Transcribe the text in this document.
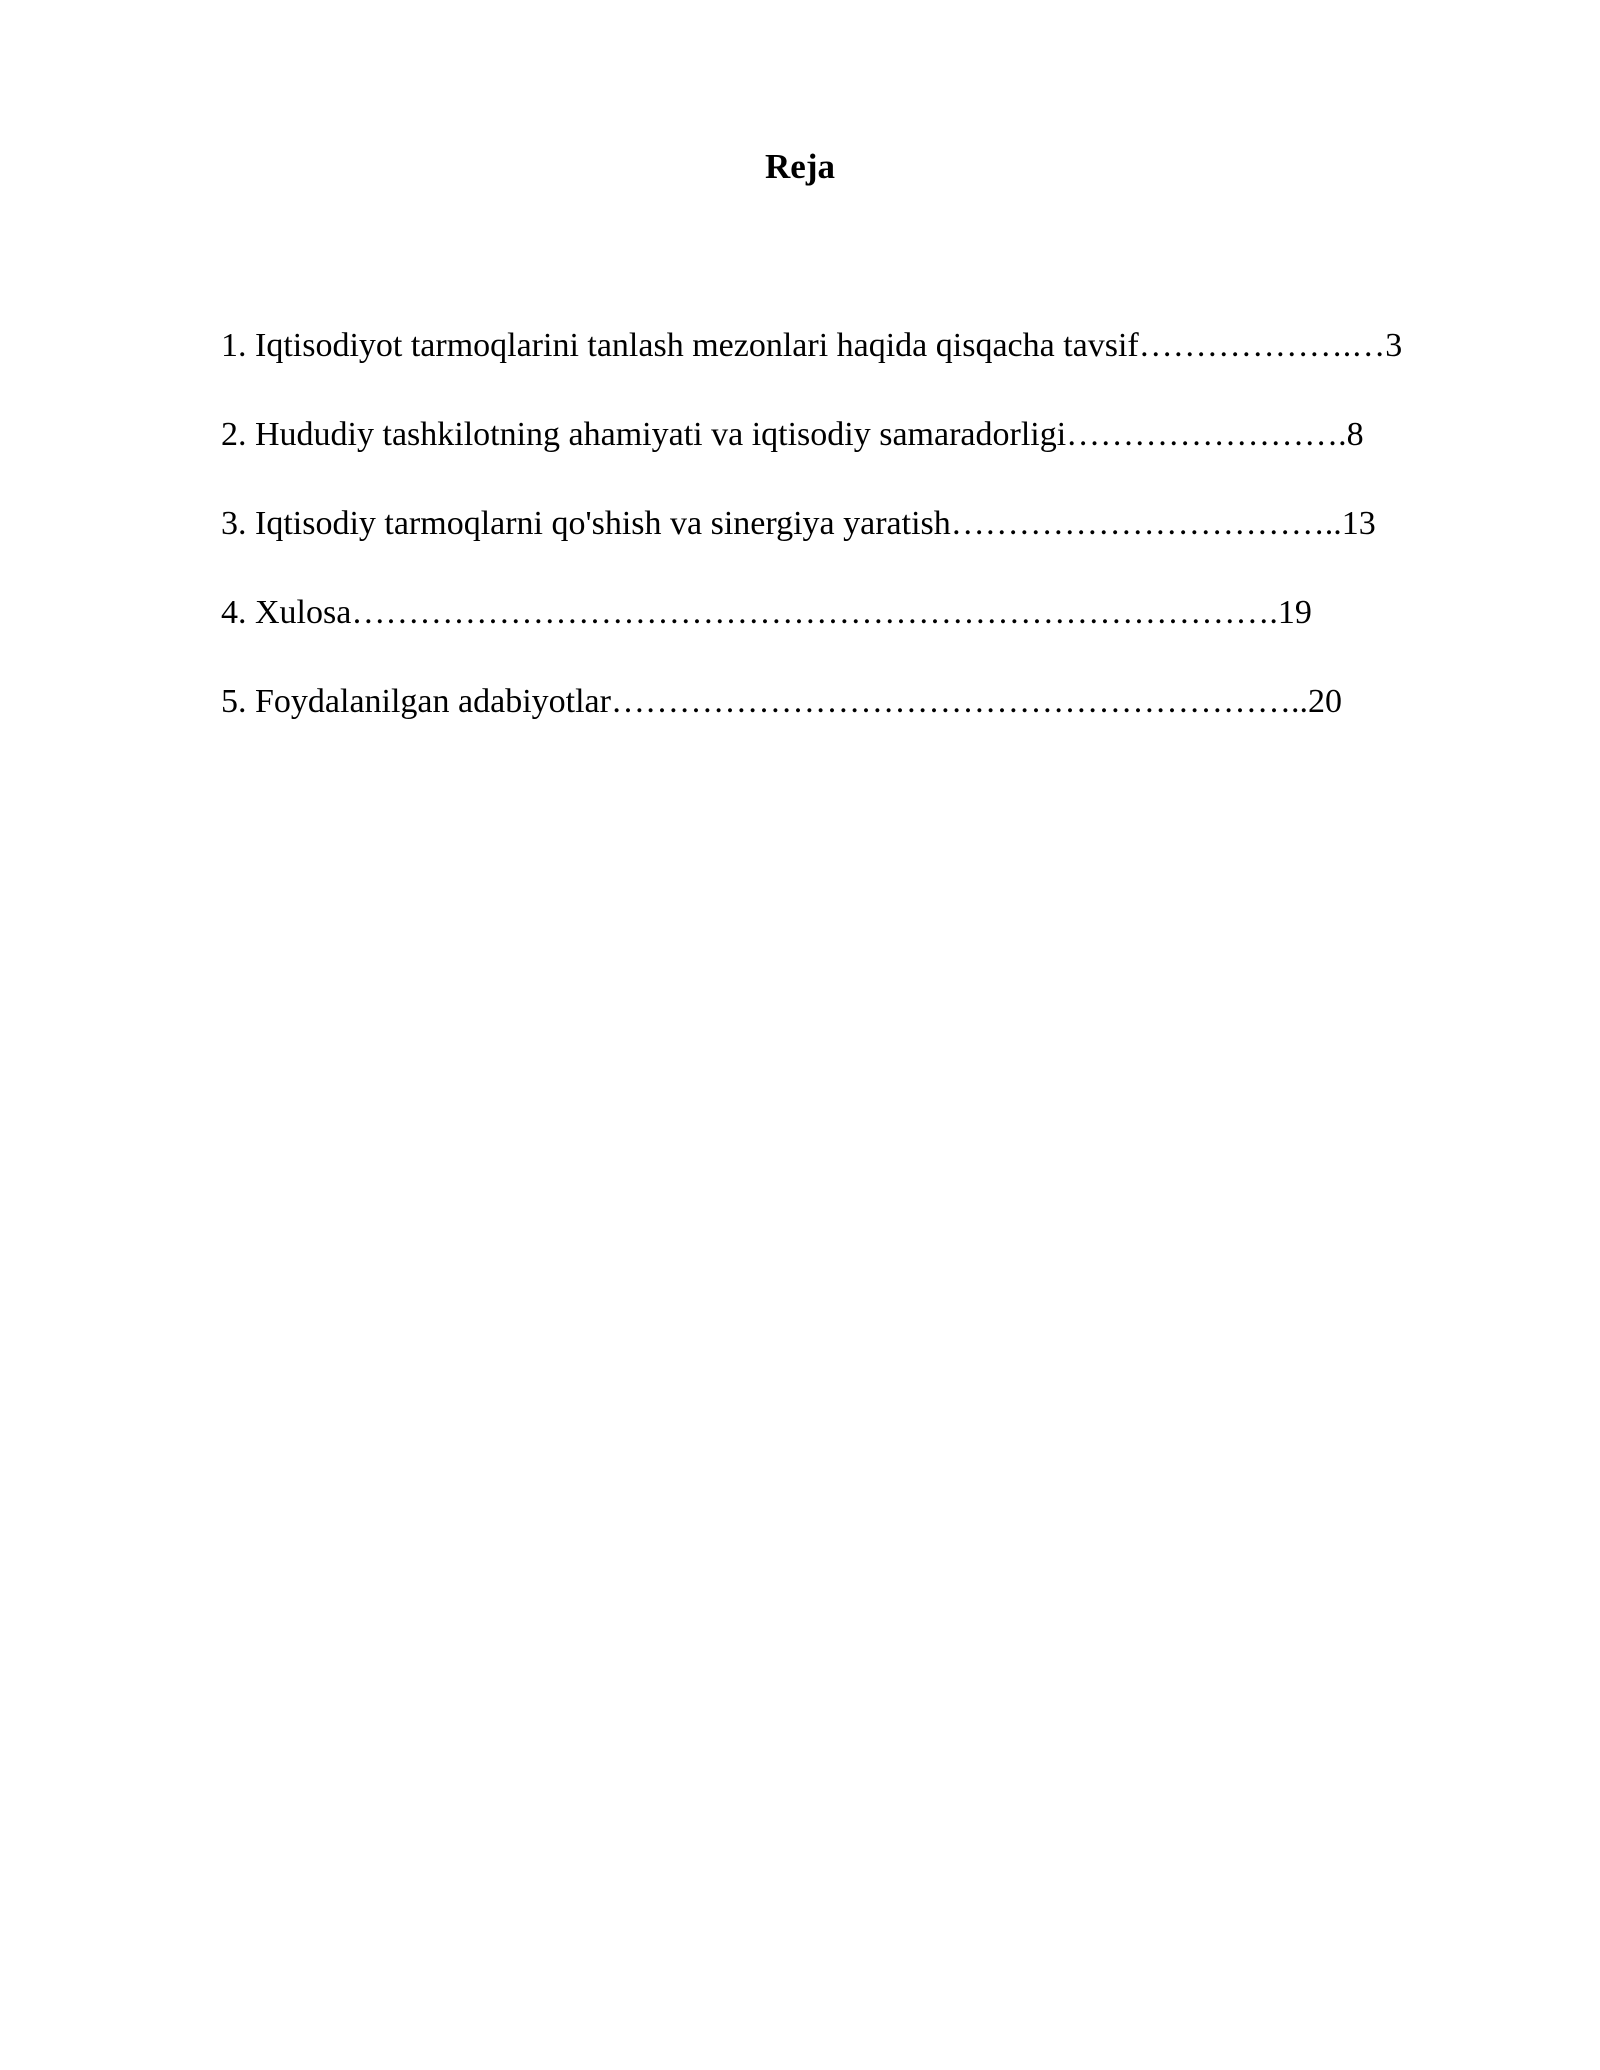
Reja
1. Iqtisodiyot tarmoqlarini tanlash mezonlari haqida qisqacha tavsif……………….…3
2. Hududiy tashkilotning ahamiyati va iqtisodiy samaradorligi…………………….8
3. Iqtisodiy tarmoqlarni qo'shish va sinergiya yaratish……………………………..13
4. Xulosa……………………………………………………………………….19
5. Foydalanilgan adabiyotlar……………………………………………………..20
